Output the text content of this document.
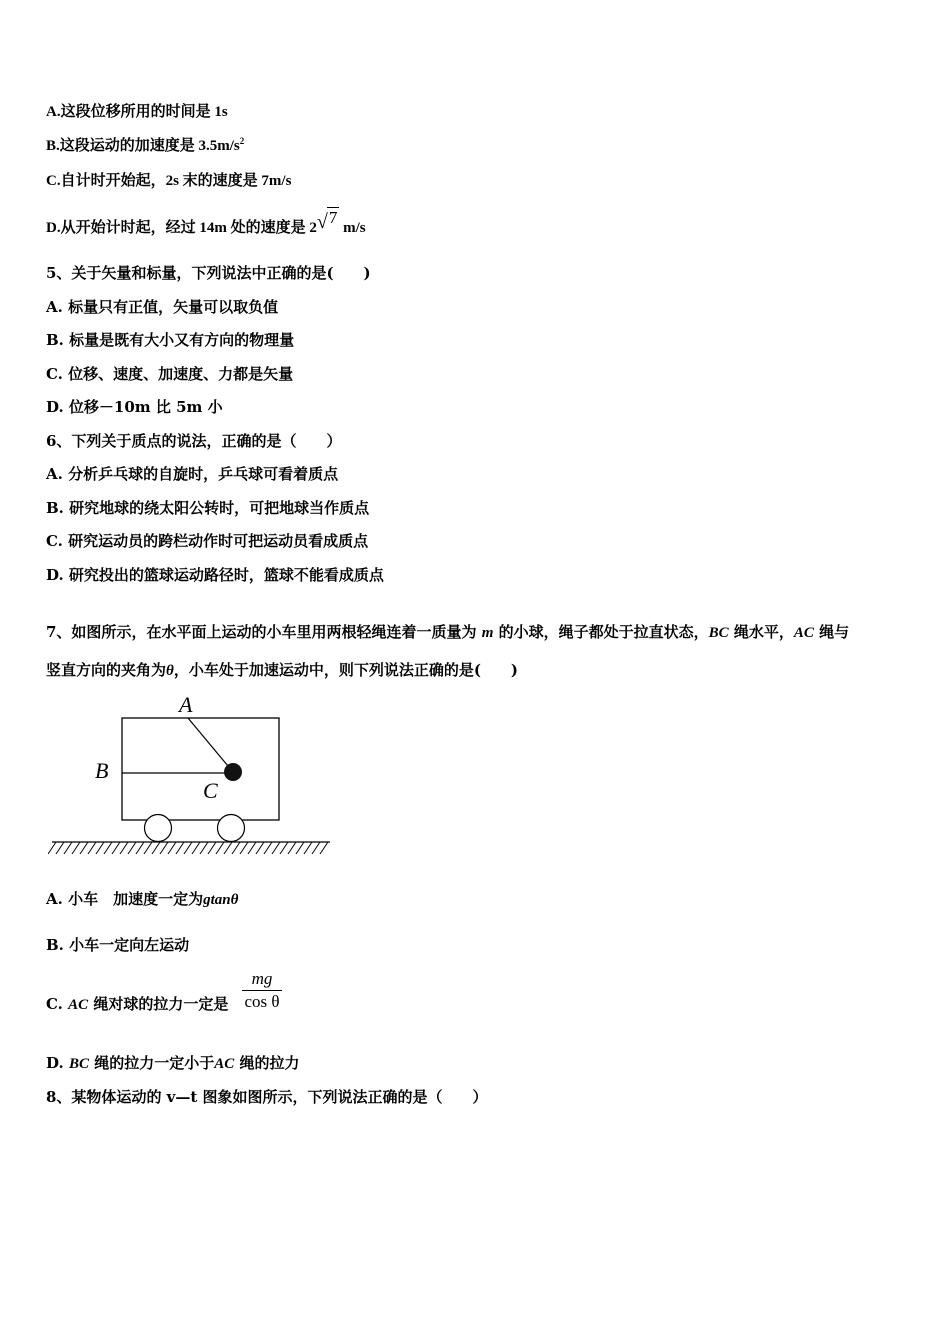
A.这段位移所用的时间是 1s
B.这段运动的加速度是 $3.5m/s^2$
C.自计时开始起，2s 末的速度是 7m/s
D.从开始计时起，经过 14m 处的速度是 2√7 m/s
5、关于矢量和标量，下列说法中正确的是(　　)
A. 标量只有正值，矢量可以取负值
B. 标量是既有大小又有方向的物理量
C. 位移、速度、加速度、力都是矢量
D. 位移－10m 比 5m 小
6、下列关于质点的说法，正确的是（　　）
A. 分析乒乓球的自旋时，乒乓球可看着质点
B. 研究地球的绕太阳公转时，可把地球当作质点
C. 研究运动员的跨栏动作时可把运动员看成质点
D. 研究投出的篮球运动路径时，篮球不能看成质点
7、如图所示，在水平面上运动的小车里用两根轻绳连着一质量为 m 的小球，绳子都处于拉直状态，BC 绳水平，AC 绳与
竖直方向的夹角为θ，小车处于加速运动中，则下列说法正确的是(　　)
A
B
C
A. 小车　加速度一定为gtanθ
B. 小车一定向左运动
C. AC 绳对球的拉力一定是
mg
cos θ
D. BC 绳的拉力一定小于AC 绳的拉力
8、某物体运动的 v—t 图象如图所示，下列说法正确的是（　　）
